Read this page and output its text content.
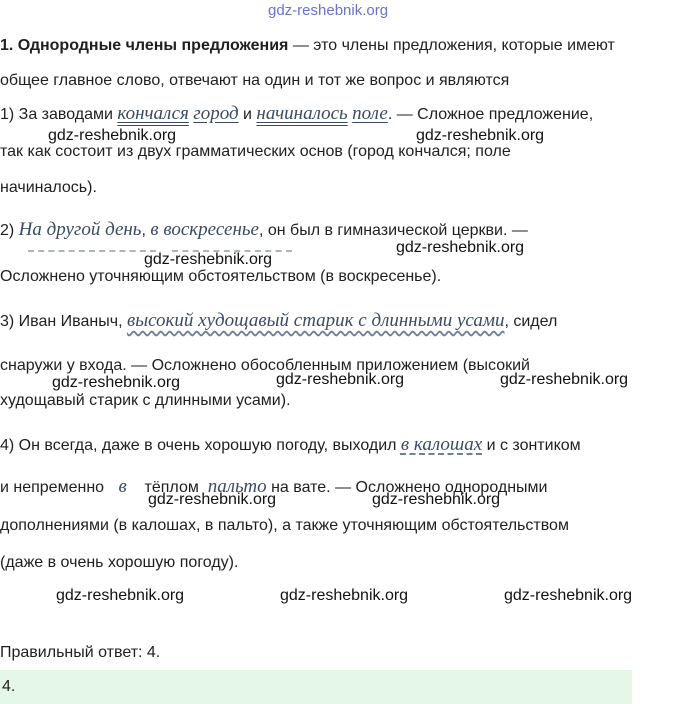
gdz-reshebnik.org
1. Однородные члены предложения — это члены предложения, которые имеют
общее главное слово, отвечают на один и тот же вопрос и являются
1) За заводами кончался город и начиналось поле. — Сложное предложение,
gdz-reshebnik.org	gdz-reshebnik.org
так как состоит из двух грамматических основ (город кончался; поле
начиналось).
2) На другой день, в воскресенье, он был в гимназической церкви. —
gdz-reshebnik.org
gdz-reshebnik.org
Осложнено уточняющим обстоятельством (в воскресенье).
3) Иван Иваныч, высокий худощавый старик с длинными усами, сидел
снаружи у входа. — Осложнено обособленным приложением (высокий
gdz-reshebnik.org	gdz-reshebnik.org	gdz-reshebnik.org
худощавый старик с длинными усами).
4) Он всегда, даже в очень хорошую погоду, выходил в калошах и с зонтиком
и непременно в тёплом пальто на вате. — Осложнено однородными
gdz-reshebnik.org	gdz-reshebnik.org
дополнениями (в калошах, в пальто), а также уточняющим обстоятельством
(даже в очень хорошую погоду).
gdz-reshebnik.org	gdz-reshebnik.org	gdz-reshebnik.org
Правильный ответ: 4.
4.
